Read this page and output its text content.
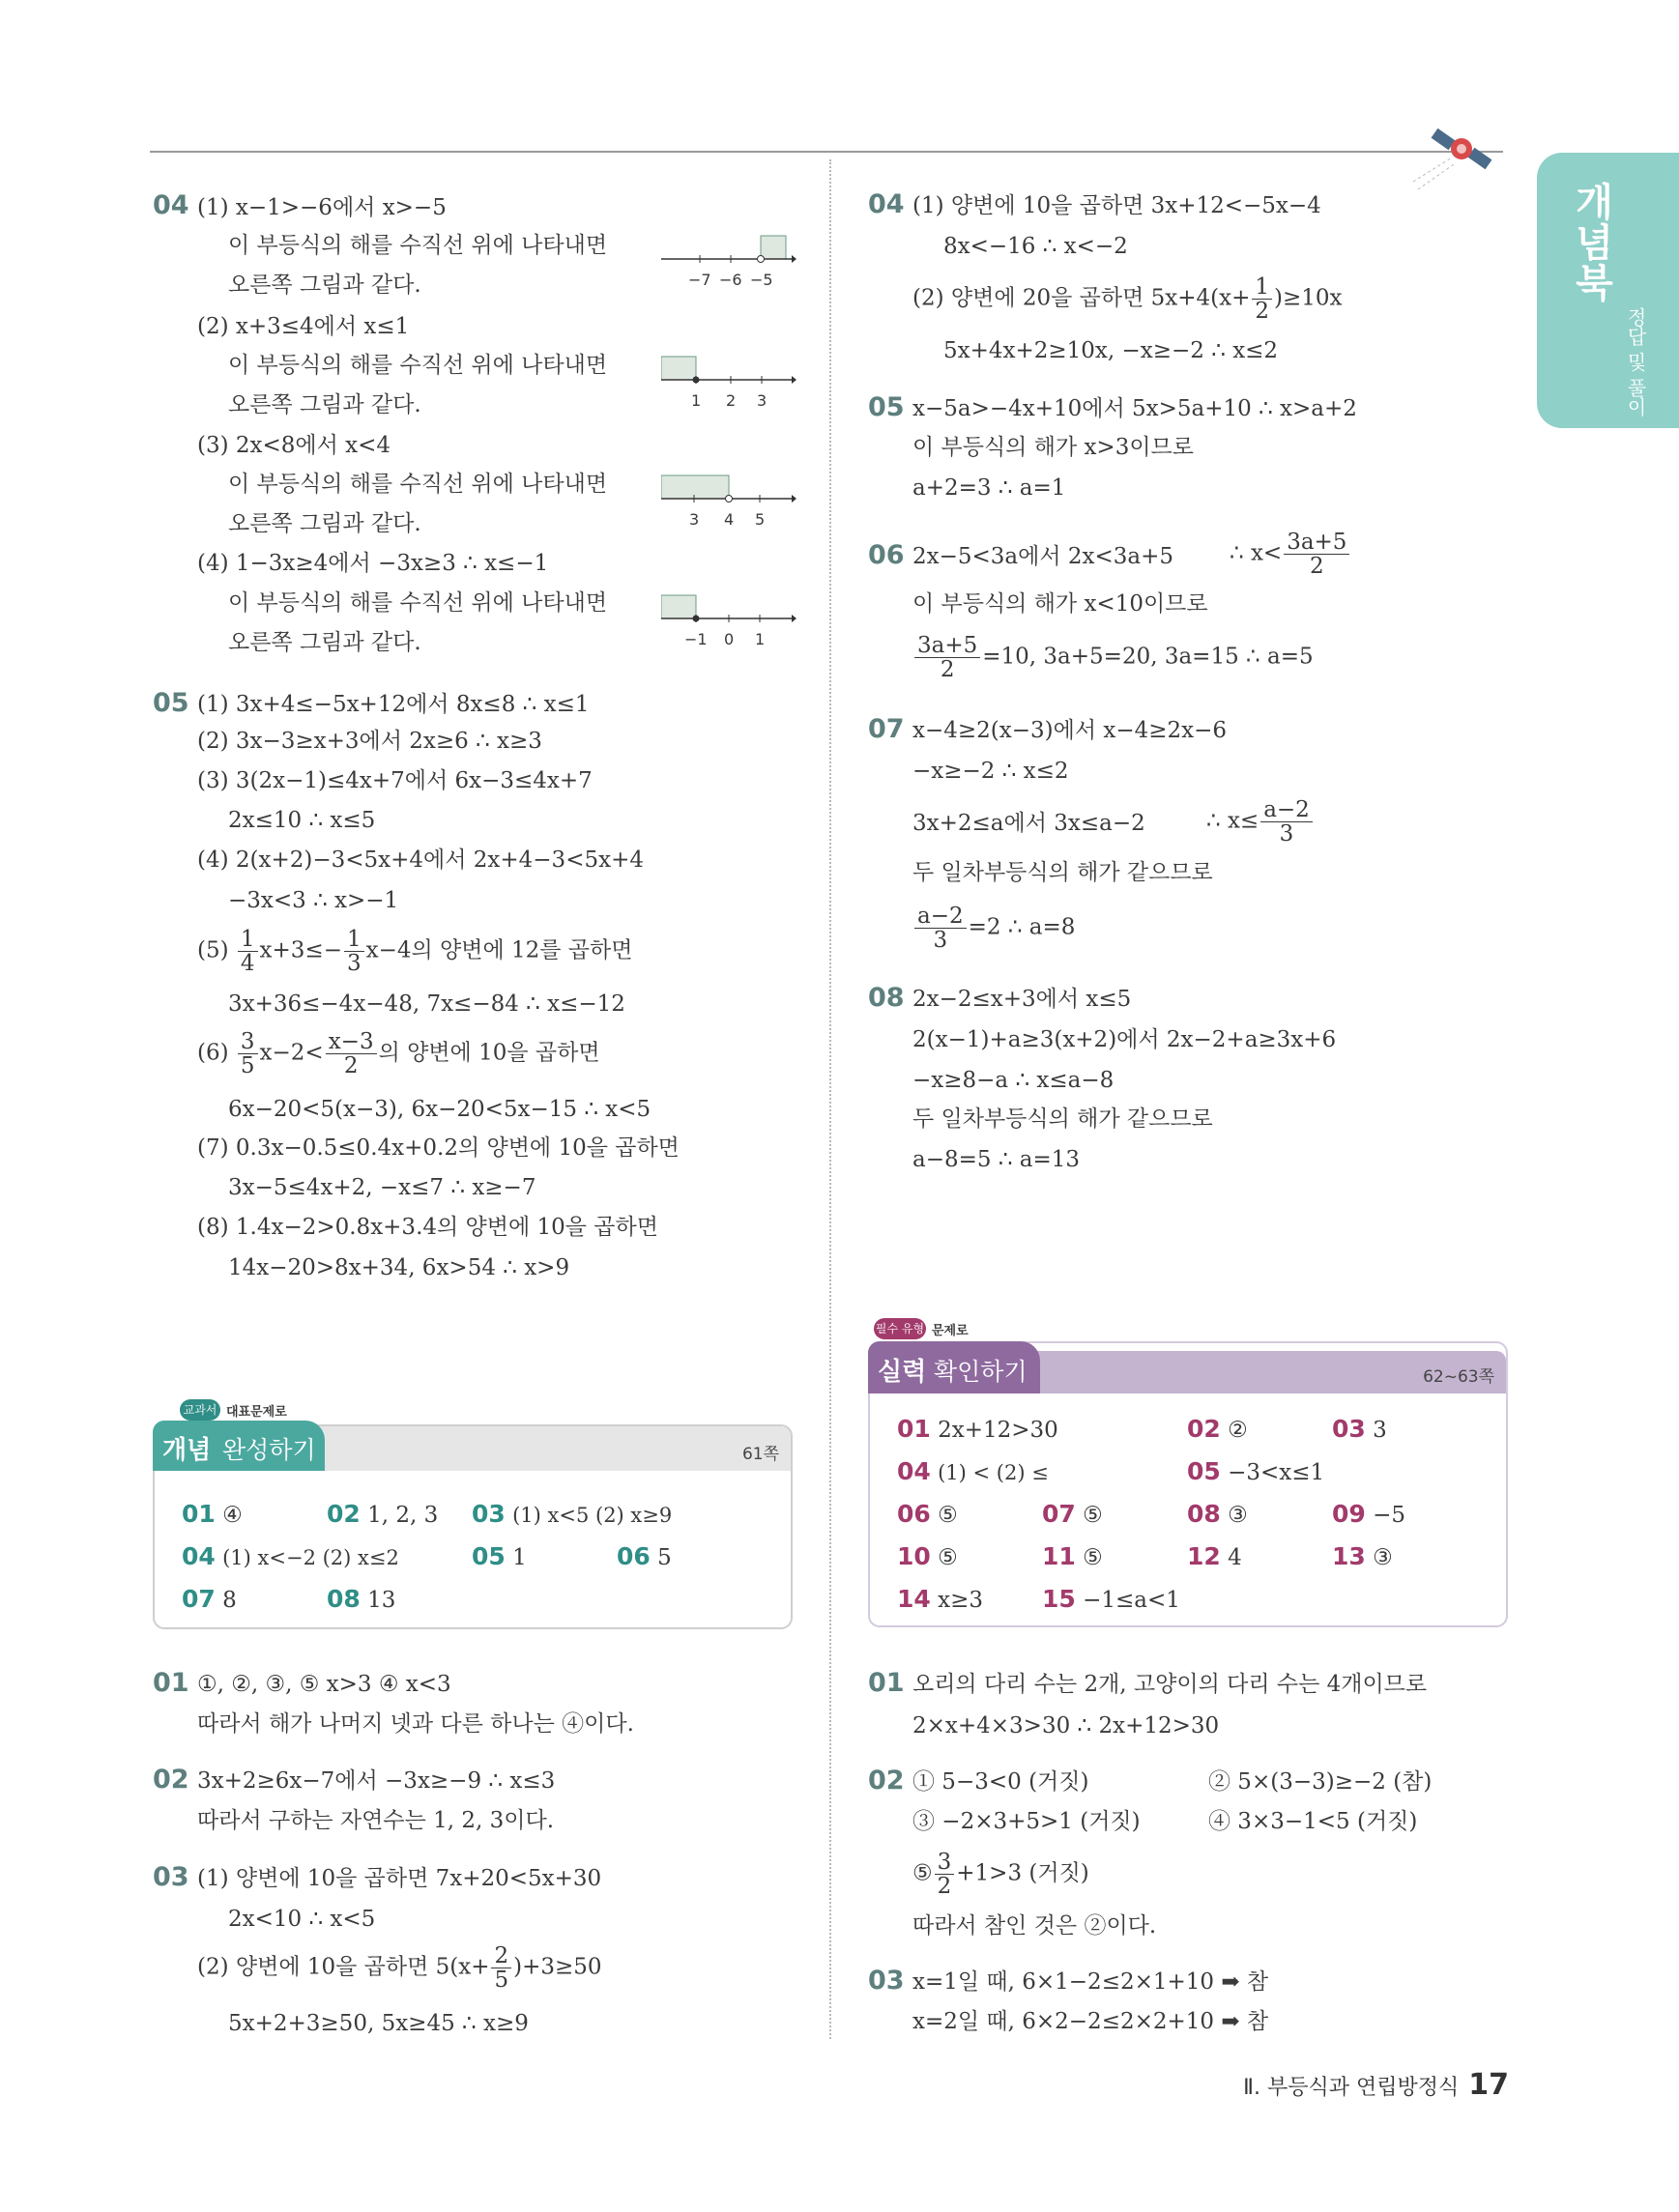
개념북
정답 및 풀이
04 (1) x−1>−6에서 x>−5
이 부등식의 해를 수직선 위에 나타내면
오른쪽 그림과 같다.
(2) x+3≤4에서 x≤1
이 부등식의 해를 수직선 위에 나타내면
오른쪽 그림과 같다.
(3) 2x<8에서 x<4
이 부등식의 해를 수직선 위에 나타내면
오른쪽 그림과 같다.
(4) 1−3x≥4에서 −3x≥3 ∴ x≤−1
이 부등식의 해를 수직선 위에 나타내면
오른쪽 그림과 같다.
−7 −6 −5
1 2 3
3 4 5
−1 0 1
05 (1) 3x+4≤−5x+12에서 8x≤8 ∴ x≤1
(2) 3x−3≥x+3에서 2x≥6 ∴ x≥3
(3) 3(2x−1)≤4x+7에서 6x−3≤4x+7
2x≤10 ∴ x≤5
(4) 2(x+2)−3<5x+4에서 2x+4−3<5x+4
−3x<3 ∴ x>−1
$(5) \frac{1}{4} x+3\le- \frac{1}{3} x-4$의 양변에 12를 곱하면
3x+36≤−4x−48, 7x≤−84 ∴ x≤−12
$(6) \frac{3}{5} x-2< \frac{x-3}{2}$ 의 양변에 10을 곱하면
6x−20<5(x−3), 6x−20<5x−15 ∴ x<5
(7) 0.3x−0.5≤0.4x+0.2의 양변에 10을 곱하면
3x−5≤4x+2, −x≤7 ∴ x≥−7
(8) 1.4x−2>0.8x+3.4의 양변에 10을 곱하면
14x−20>8x+34, 6x>54 ∴ x>9
교과서 대표문제로
개념 완성하기	61쪽
01 ④	02 1, 2, 3 03 (1) x<5 (2) x≥9
04 (1) x<−2 (2) x≤2	05 1	06 5
07 8	08 13
01 ①, ②, ③, ⑤ x>3 ④ x<3
따라서 해가 나머지 넷과 다른 하나는 ④이다.
02 3x+2≥6x−7에서 −3x≥−9 ∴ x≤3
따라서 구하는 자연수는 1, 2, 3이다.
03 (1) 양변에 10을 곱하면 7x+20<5x+30
2x<10 ∴ x<5
(2) 양변에 10을 곱하면 $5(x+ \frac{2}{5} )+3\ge 50$
5x+2+3≥50, 5x≥45 ∴ x≥9
04 (1) 양변에 10을 곱하면 3x+12<−5x−4
8x<−16 ∴ x<−2
(2) 양변에 20을 곱하면 $5x+4(x+ \frac{1}{2} )\ge 10x$
5x+4x+2≥10x, −x≥−2 ∴ x≤2
05 x−5a>−4x+10에서 5x>5a+10 ∴ x>a+2
이 부등식의 해가 x>3이므로
a+2=3 ∴ a=1
06 2x−5<3a에서 2x<3a+5	∴ $x< \frac{3a+5}{2}$
이 부등식의 해가 x<10이므로
$\frac{3a+5}{2} =10$, 3a+5=20, 3a=15 ∴ a=5
07 x−4≥2(x−3)에서 x−4≥2x−6
−x≥−2 ∴ x≤2
3x+2≤a에서 3x≤a−2	∴ $x\le \frac{a-2}{3}$
두 일차부등식의 해가 같으므로
$\frac{a-2}{3} =2$ ∴ a=8
08 2x−2≤x+3에서 x≤5
2(x−1)+a≥3(x+2)에서 2x−2+a≥3x+6
−x≥8−a ∴ x≤a−8
두 일차부등식의 해가 같으므로
a−8=5 ∴ a=13
필수 유형 문제로
실력 확인하기	62~63쪽
01 2x+12>30	02 ②	03 3
04 (1) < (2) ≤	05 −3<x≤1
06 ⑤	07 ⑤	08 ③	09 −5
10 ⑤	11 ⑤	12 4	13 ③
14 x≥3 15 −1≤a<1
01 오리의 다리 수는 2개, 고양이의 다리 수는 4개이므로
2×x+4×3>30 ∴ 2x+12>30
02 ① 5−3<0 (거짓)	② 5×(3−3)≥−2 (참)
③ −2×3+5>1 (거짓)	④ 3×3−1<5 (거짓)
⑤ $\frac{3}{2} +1>3$ (거짓)
따라서 참인 것은 ②이다.
03 x=1일 때, 6×1−2≤2×1+10 ➡ 참
x=2일 때, 6×2−2≤2×2+10 ➡ 참
Ⅱ. 부등식과 연립방정식 17
